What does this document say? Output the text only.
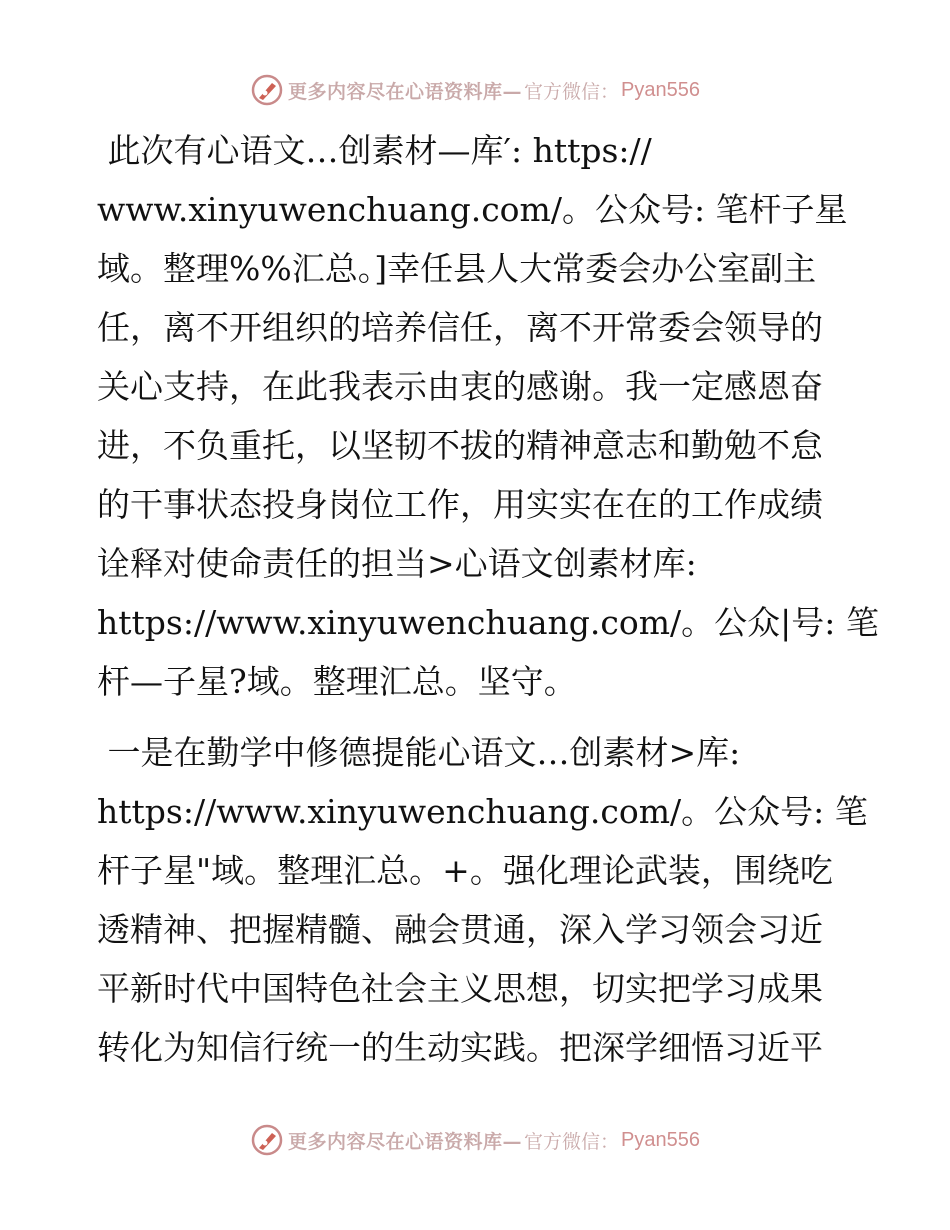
更多内容尽在心语资料库— 官方微信： Pyan556
此次有心语文…创素材—库′: https://
www.xinyuwenchuang.com/。公众号: 笔杆子星
域。整理%%汇总。]幸任县人大常委会办公室副主
任，离不开组织的培养信任，离不开常委会领导的
关心支持，在此我表示由衷的感谢。我一定感恩奋
进，不负重托，以坚韧不拔的精神意志和勤勉不怠
的干事状态投身岗位工作，用实实在在的工作成绩
诠释对使命责任的担当>心语文创素材库:
https://www.xinyuwenchuang.com/。公众|号: 笔
杆—子星?域。整理汇总。坚守。
一是在勤学中修德提能心语文…创素材>库:
https://www.xinyuwenchuang.com/。公众号: 笔
杆子星"域。整理汇总。+。强化理论武装，围绕吃
透精神、把握精髓、融会贯通，深入学习领会习近
平新时代中国特色社会主义思想，切实把学习成果
转化为知信行统一的生动实践。把深学细悟习近平
更多内容尽在心语资料库— 官方微信： Pyan556
